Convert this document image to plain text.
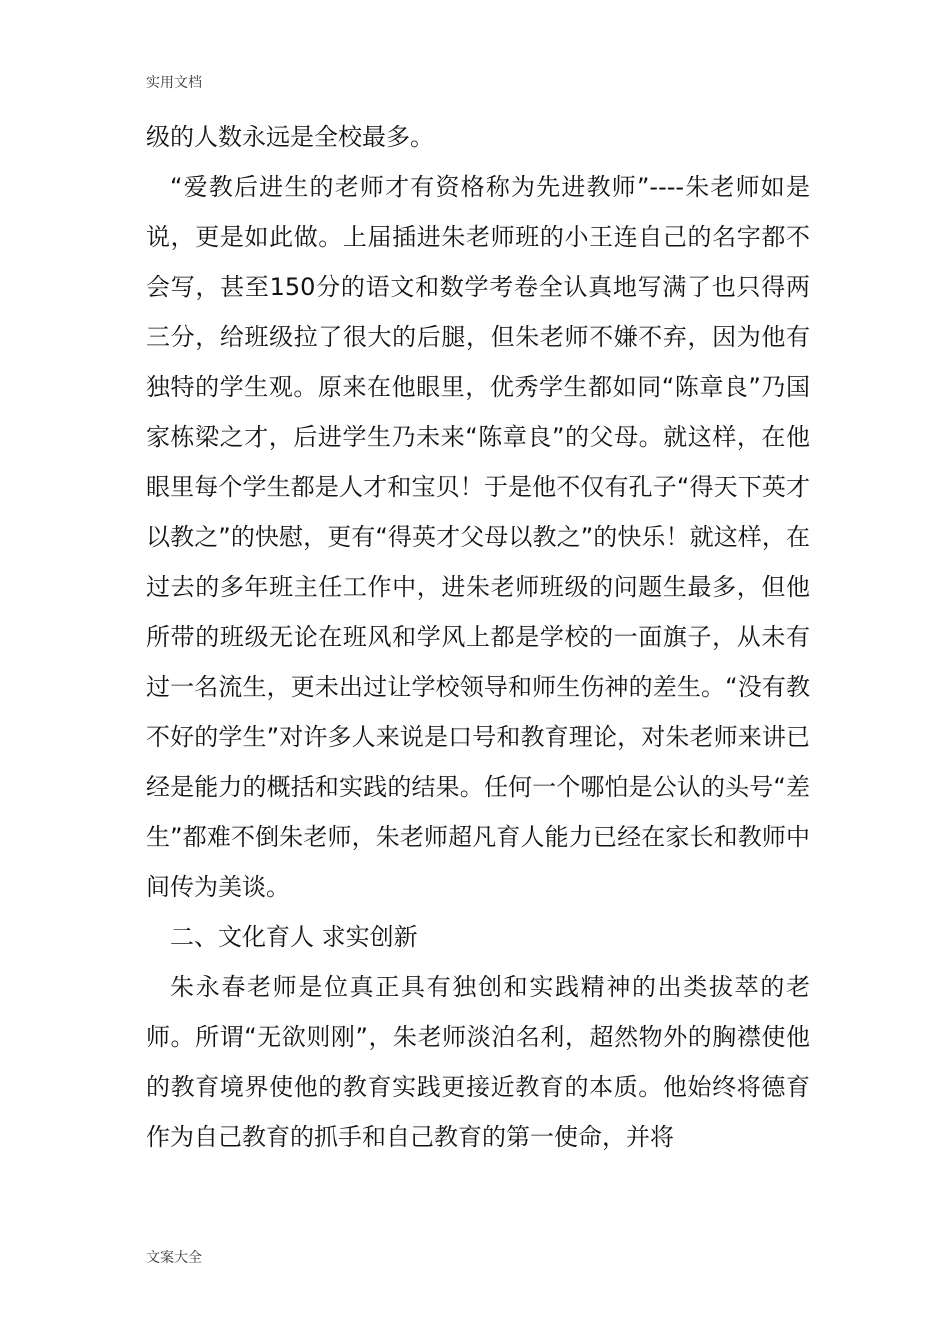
实用文档

级的人数永远是全校最多。

“爱教后进生的老师才有资格称为先进教师”----朱老师如是说，更是如此做。上届插进朱老师班的小王连自己的名字都不会写，甚至150分的语文和数学考卷全认真地写满了也只得两三分，给班级拉了很大的后腿，但朱老师不嫌不弃，因为他有独特的学生观。原来在他眼里，优秀学生都如同“陈章良”乃国家栋梁之才，后进学生乃未来“陈章良”的父母。就这样，在他眼里每个学生都是人才和宝贝！于是他不仅有孔子“得天下英才以教之”的快慰，更有“得英才父母以教之”的快乐！就这样，在过去的多年班主任工作中，进朱老师班级的问题生最多，但他所带的班级无论在班风和学风上都是学校的一面旗子，从未有过一名流生，更未出过让学校领导和师生伤神的差生。“没有教不好的学生”对许多人来说是口号和教育理论，对朱老师来讲已经是能力的概括和实践的结果。任何一个哪怕是公认的头号“差生”都难不倒朱老师，朱老师超凡育人能力已经在家长和教师中间传为美谈。

二、文化育人 求实创新

朱永春老师是位真正具有独创和实践精神的出类拔萃的老师。所谓“无欲则刚”，朱老师淡泊名利，超然物外的胸襟使他的教育境界使他的教育实践更接近教育的本质。他始终将德育作为自己教育的抓手和自己教育的第一使命，并将

文案大全
